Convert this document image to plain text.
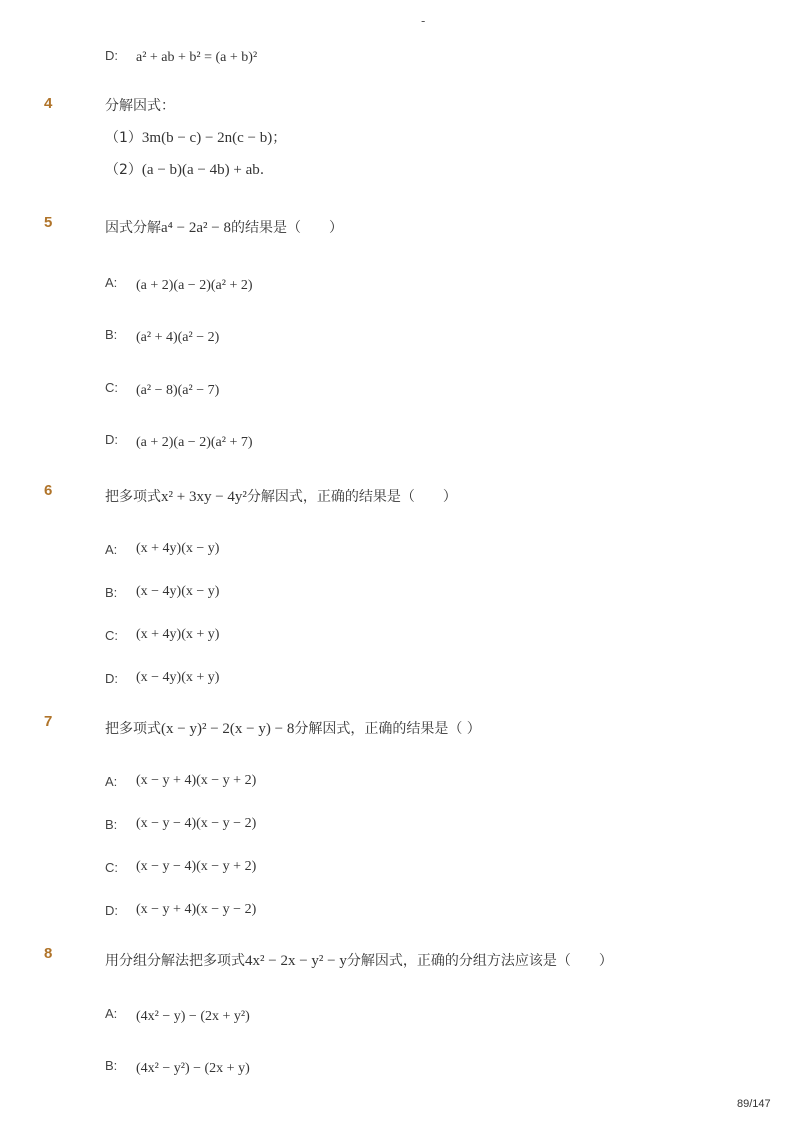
-
D: a² + ab + b² = (a + b)²
4	分解因式：
（1）3m(b − c) − 2n(c − b)；
（2）(a − b)(a − 4b) + ab.
5	因式分解a⁴ − 2a² − 8的结果是（　　）
A: (a + 2)(a − 2)(a² + 2)
B: (a² + 4)(a² − 2)
C: (a² − 8)(a² − 7)
D: (a + 2)(a − 2)(a² + 7)
6	把多项式x² + 3xy − 4y²分解因式，正确的结果是（　　）
A: (x + 4y)(x − y)
B: (x − 4y)(x − y)
C: (x + 4y)(x + y)
D: (x − 4y)(x + y)
7	把多项式(x − y)² − 2(x − y) − 8分解因式，正确的结果是（ ）
A: (x − y + 4)(x − y + 2)
B: (x − y − 4)(x − y − 2)
C: (x − y − 4)(x − y + 2)
D: (x − y + 4)(x − y − 2)
8	用分组分解法把多项式4x² − 2x − y² − y分解因式，正确的分组方法应该是（　　）
A: (4x² − y) − (2x + y²)
B: (4x² − y²) − (2x + y)
89/147
